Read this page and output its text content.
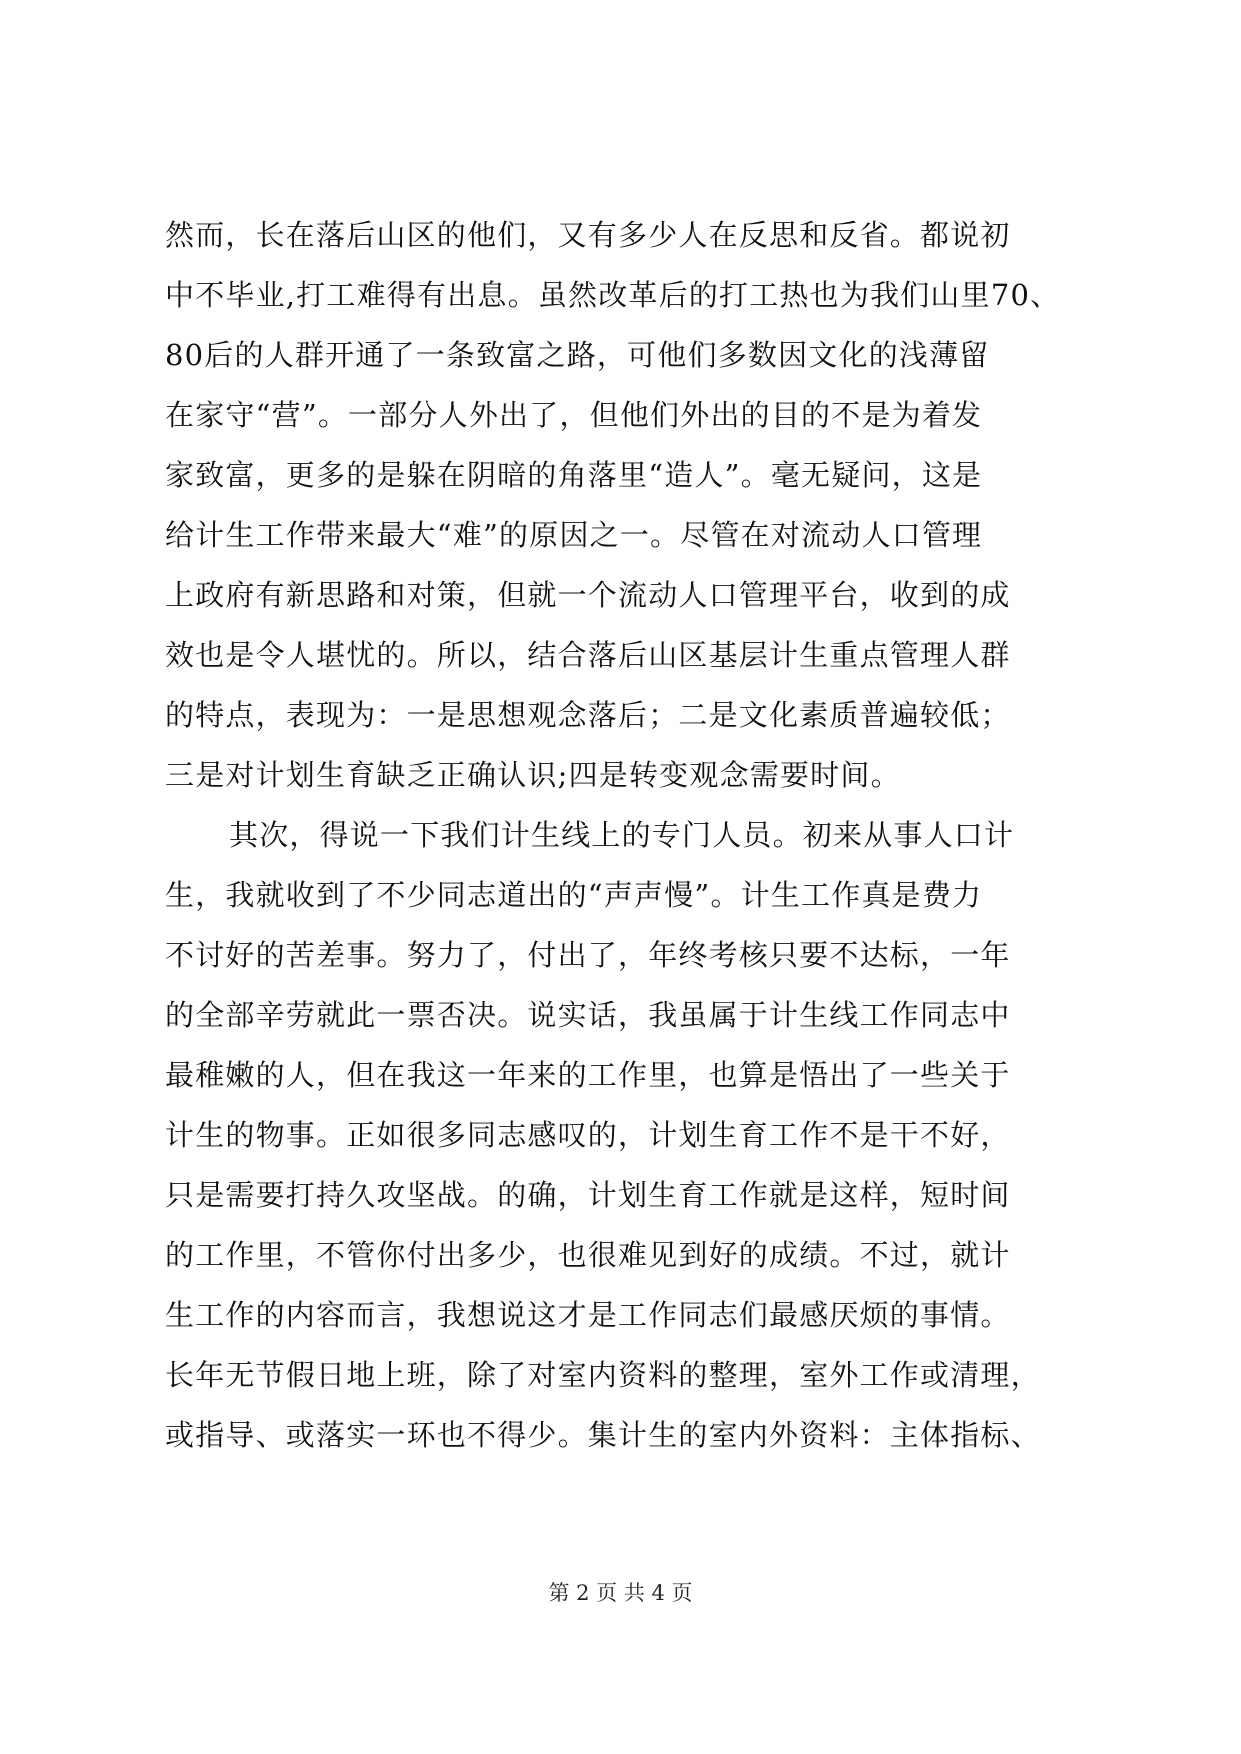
然而，长在落后山区的他们，又有多少人在反思和反省。都说初
中不毕业,打工难得有出息。虽然改革后的打工热也为我们山里70、
80后的人群开通了一条致富之路，可他们多数因文化的浅薄留
在家守“营”。一部分人外出了，但他们外出的目的不是为着发
家致富，更多的是躲在阴暗的角落里“造人”。毫无疑问，这是
给计生工作带来最大“难”的原因之一。尽管在对流动人口管理
上政府有新思路和对策，但就一个流动人口管理平台，收到的成
效也是令人堪忧的。所以，结合落后山区基层计生重点管理人群
的特点，表现为：一是思想观念落后；二是文化素质普遍较低；
三是对计划生育缺乏正确认识;四是转变观念需要时间。
其次，得说一下我们计生线上的专门人员。初来从事人口计
生，我就收到了不少同志道出的“声声慢”。计生工作真是费力
不讨好的苦差事。努力了，付出了，年终考核只要不达标，一年
的全部辛劳就此一票否决。说实话，我虽属于计生线工作同志中
最稚嫩的人，但在我这一年来的工作里，也算是悟出了一些关于
计生的物事。正如很多同志感叹的，计划生育工作不是干不好，
只是需要打持久攻坚战。的确，计划生育工作就是这样，短时间
的工作里，不管你付出多少，也很难见到好的成绩。不过，就计
生工作的内容而言，我想说这才是工作同志们最感厌烦的事情。
长年无节假日地上班，除了对室内资料的整理，室外工作或清理，
或指导、或落实一环也不得少。集计生的室内外资料：主体指标、
第 2 页 共 4 页
